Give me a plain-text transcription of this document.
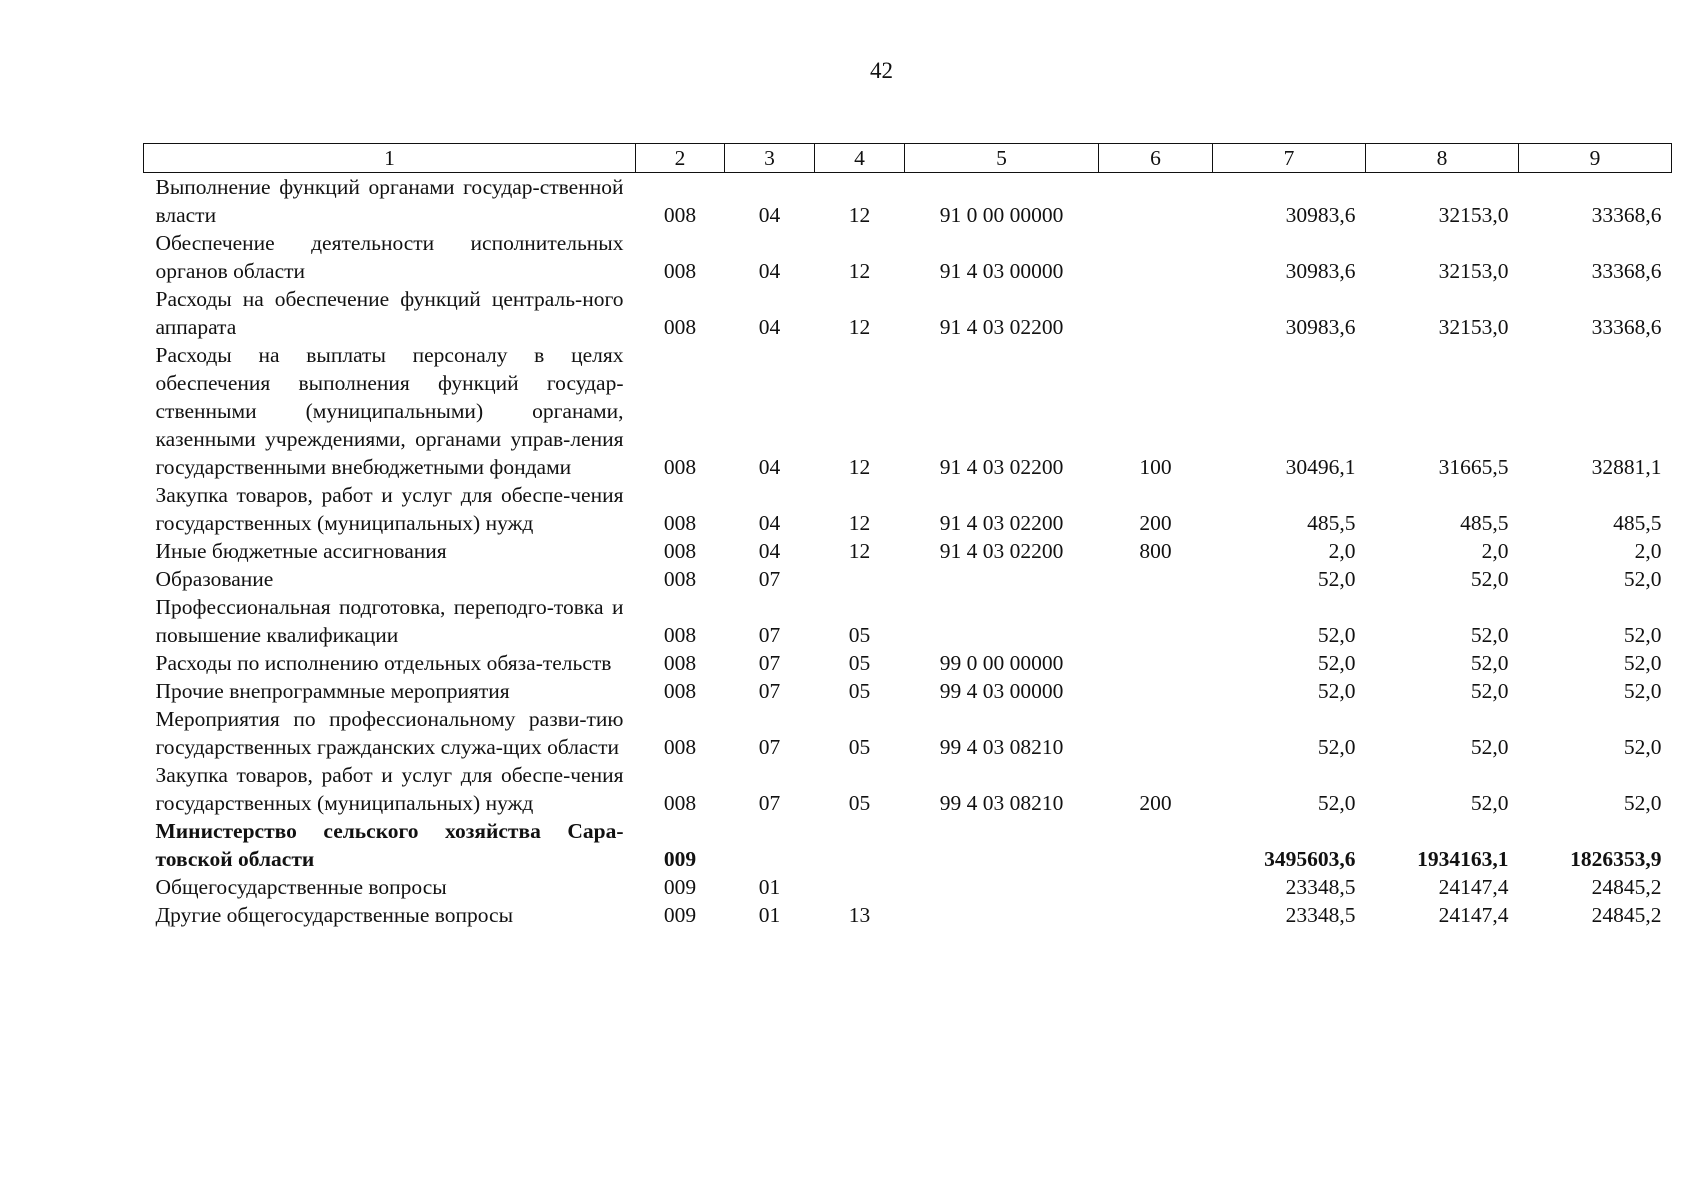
42
1	2	3	4	5	6	7	8	9
Выполнение функций органами государ-ственной власти	008	04	12	91 0 00 00000		30983,6	32153,0	33368,6
Обеспечение деятельности исполнительных органов области	008	04	12	91 4 03 00000		30983,6	32153,0	33368,6
Расходы на обеспечение функций централь-ного аппарата	008	04	12	91 4 03 02200		30983,6	32153,0	33368,6
Расходы на выплаты персоналу в целях обеспечения выполнения функций государ-ственными (муниципальными) органами, казенными учреждениями, органами управ-ления государственными внебюджетными фондами	008	04	12	91 4 03 02200	100	30496,1	31665,5	32881,1
Закупка товаров, работ и услуг для обеспе-чения государственных (муниципальных) нужд	008	04	12	91 4 03 02200	200	485,5	485,5	485,5
Иные бюджетные ассигнования	008	04	12	91 4 03 02200	800	2,0	2,0	2,0
Образование	008	07				52,0	52,0	52,0
Профессиональная подготовка, переподго-товка и повышение квалификации	008	07	05			52,0	52,0	52,0
Расходы по исполнению отдельных обяза-тельств	008	07	05	99 0 00 00000		52,0	52,0	52,0
Прочие внепрограммные мероприятия	008	07	05	99 4 03 00000		52,0	52,0	52,0
Мероприятия по профессиональному разви-тию государственных гражданских служа-щих области	008	07	05	99 4 03 08210		52,0	52,0	52,0
Закупка товаров, работ и услуг для обеспе-чения государственных (муниципальных) нужд	008	07	05	99 4 03 08210	200	52,0	52,0	52,0
Министерство сельского хозяйства Сара-товской области	009					3495603,6	1934163,1	1826353,9
Общегосударственные вопросы	009	01				23348,5	24147,4	24845,2
Другие общегосударственные вопросы	009	01	13			23348,5	24147,4	24845,2
